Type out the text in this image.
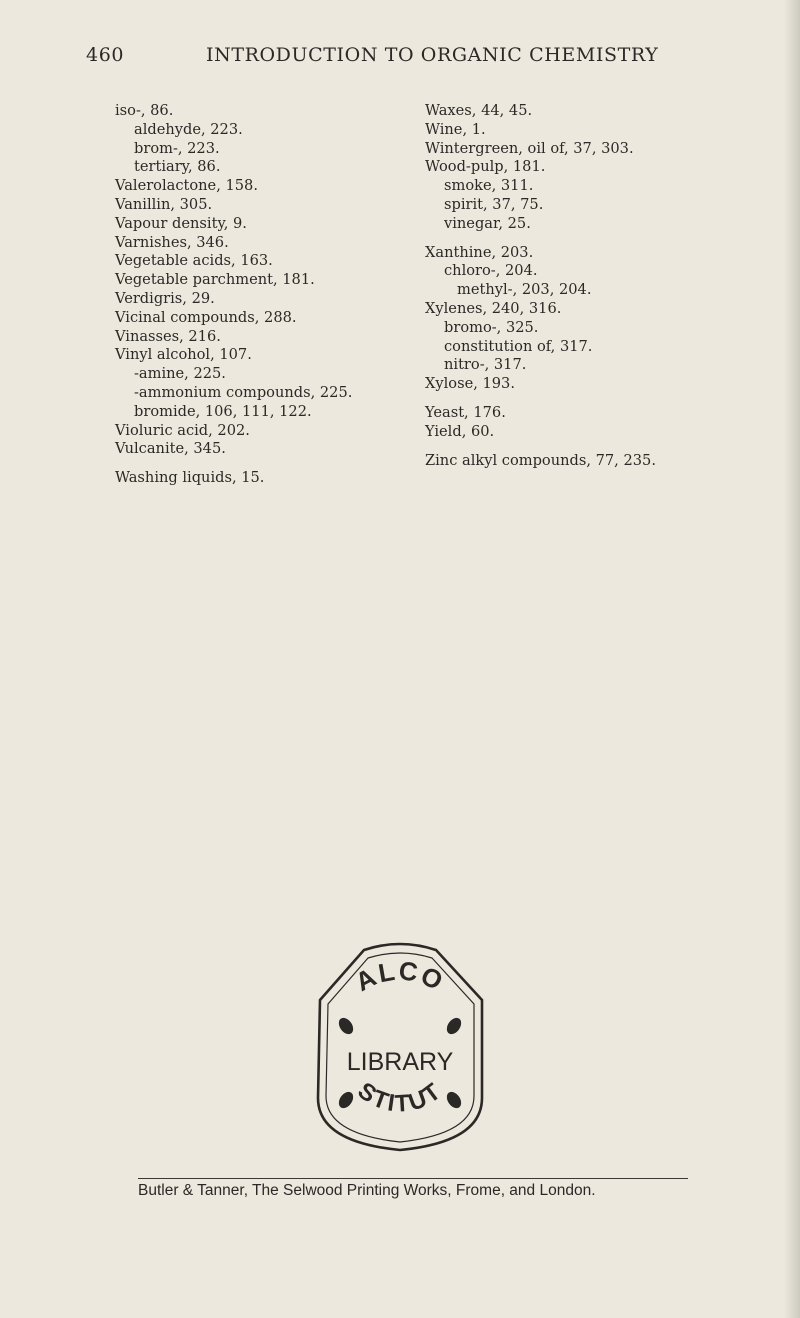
460	INTRODUCTION TO ORGANIC CHEMISTRY
iso-, 86.
aldehyde, 223.
brom-, 223.
tertiary, 86.
Valerolactone, 158.
Vanillin, 305.
Vapour density, 9.
Varnishes, 346.
Vegetable acids, 163.
Vegetable parchment, 181.
Verdigris, 29.
Vicinal compounds, 288.
Vinasses, 216.
Vinyl alcohol, 107.
-amine, 225.
-ammonium compounds, 225.
bromide, 106, 111, 122.
Violuric acid, 202.
Vulcanite, 345.
Washing liquids, 15.
Waxes, 44, 45.
Wine, 1.
Wintergreen, oil of, 37, 303.
Wood-pulp, 181.
smoke, 311.
spirit, 37, 75.
vinegar, 25.
Xanthine, 203.
chloro-, 204.
methyl-, 203, 204.
Xylenes, 240, 316.
bromo-, 325.
constitution of, 317.
nitro-, 317.
Xylose, 193.
Yeast, 176.
Yield, 60.
Zinc alkyl compounds, 77, 235.
ALCO
LIBRARY
STITUT
Butler & Tanner, The Selwood Printing Works, Frome, and London.
